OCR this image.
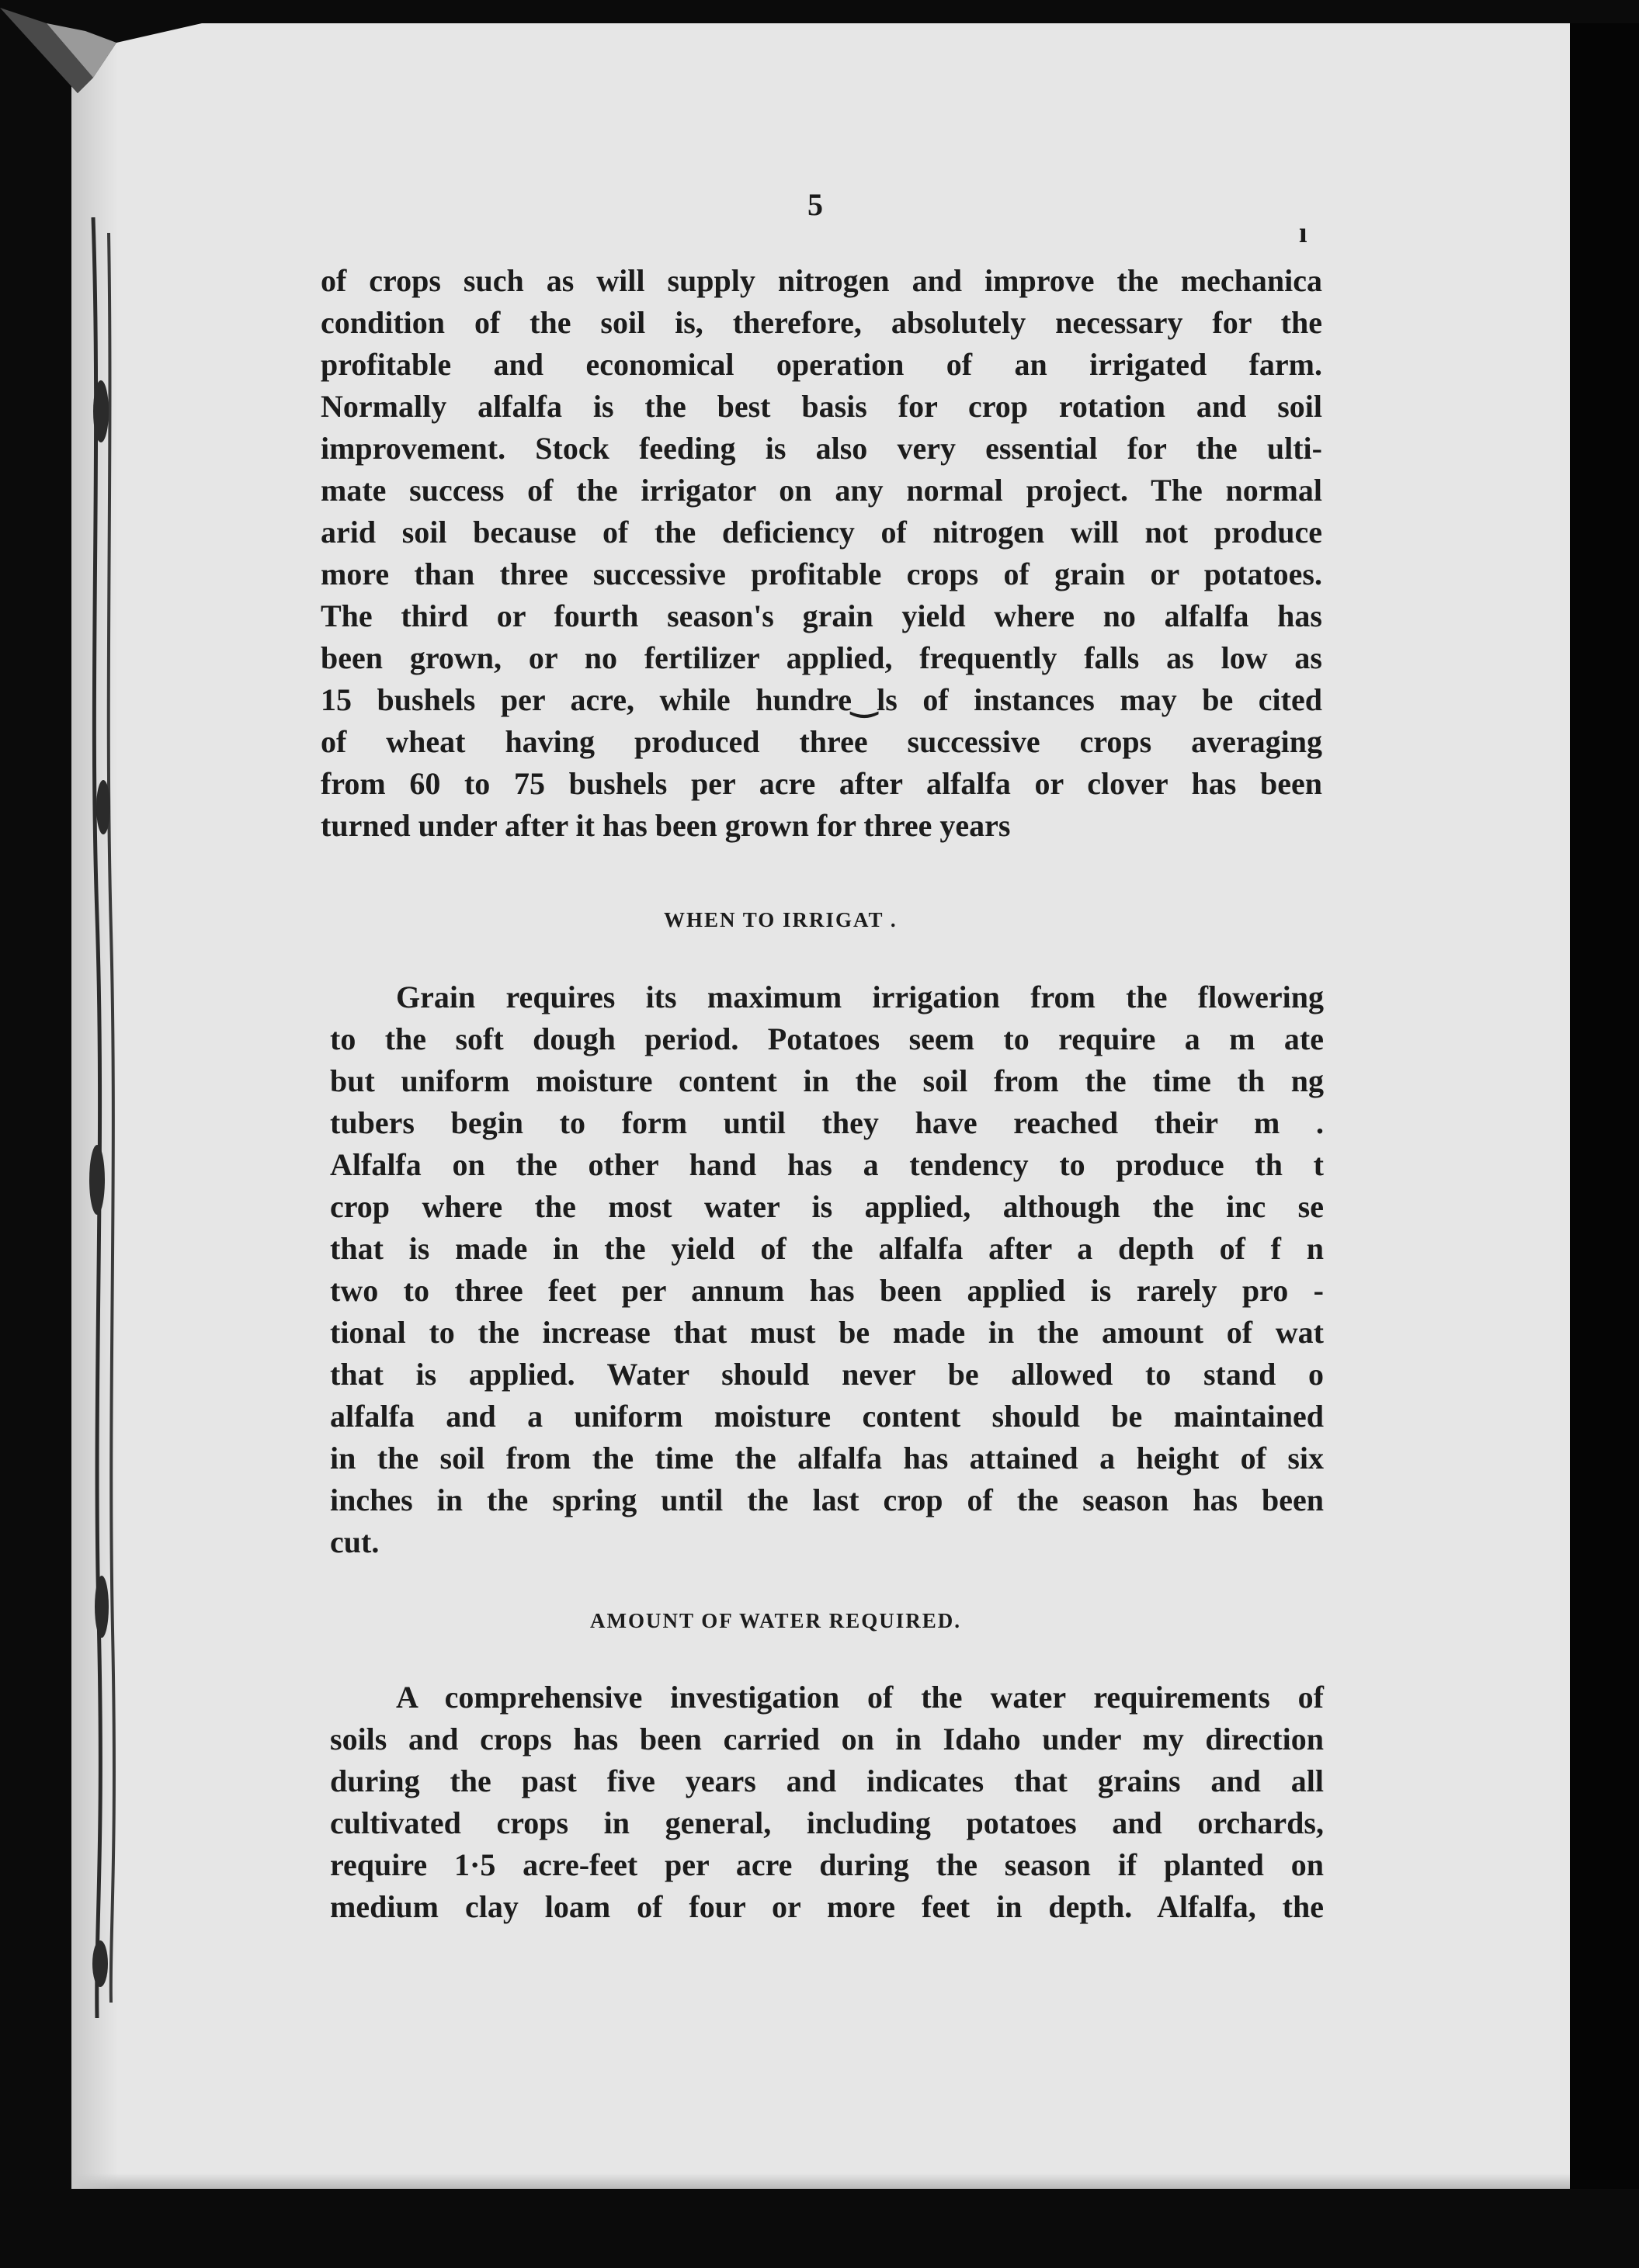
5
ı
of crops such as will supply nitrogen and improve the mechanica
condition of the soil is, therefore, absolutely necessary for the
profitable and economical operation of an irrigated farm.
Normally alfalfa is the best basis for crop rotation and soil
improvement. Stock feeding is also very essential for the ulti-
mate success of the irrigator on any normal project. The normal
arid soil because of the deficiency of nitrogen will not produce
more than three successive profitable crops of grain or potatoes.
The third or fourth season's grain yield where no alfalfa has
been grown, or no fertilizer applied, frequently falls as low as
15 bushels per acre, while hundre‿ls of instances may be cited
of wheat having produced three successive crops averaging
from 60 to 75 bushels per acre after alfalfa or clover has been
turned under after it has been grown for three years
WHEN TO IRRIGAT .
Grain requires its maximum irrigation from the flowering
to the soft dough period. Potatoes seem to require a m ate
but uniform moisture content in the soil from the time th ng
tubers begin to form until they have reached their m .
Alfalfa on the other hand has a tendency to produce th t
crop where the most water is applied, although the inc se
that is made in the yield of the alfalfa after a depth of f n
two to three feet per annum has been applied is rarely pro -
tional to the increase that must be made in the amount of wat
that is applied. Water should never be allowed to stand o
alfalfa and a uniform moisture content should be maintained
in the soil from the time the alfalfa has attained a height of six
inches in the spring until the last crop of the season has been
cut.
AMOUNT OF WATER REQUIRED.
A comprehensive investigation of the water requirements of
soils and crops has been carried on in Idaho under my direction
during the past five years and indicates that grains and all
cultivated crops in general, including potatoes and orchards,
require 1·5 acre-feet per acre during the season if planted on
medium clay loam of four or more feet in depth. Alfalfa, the
